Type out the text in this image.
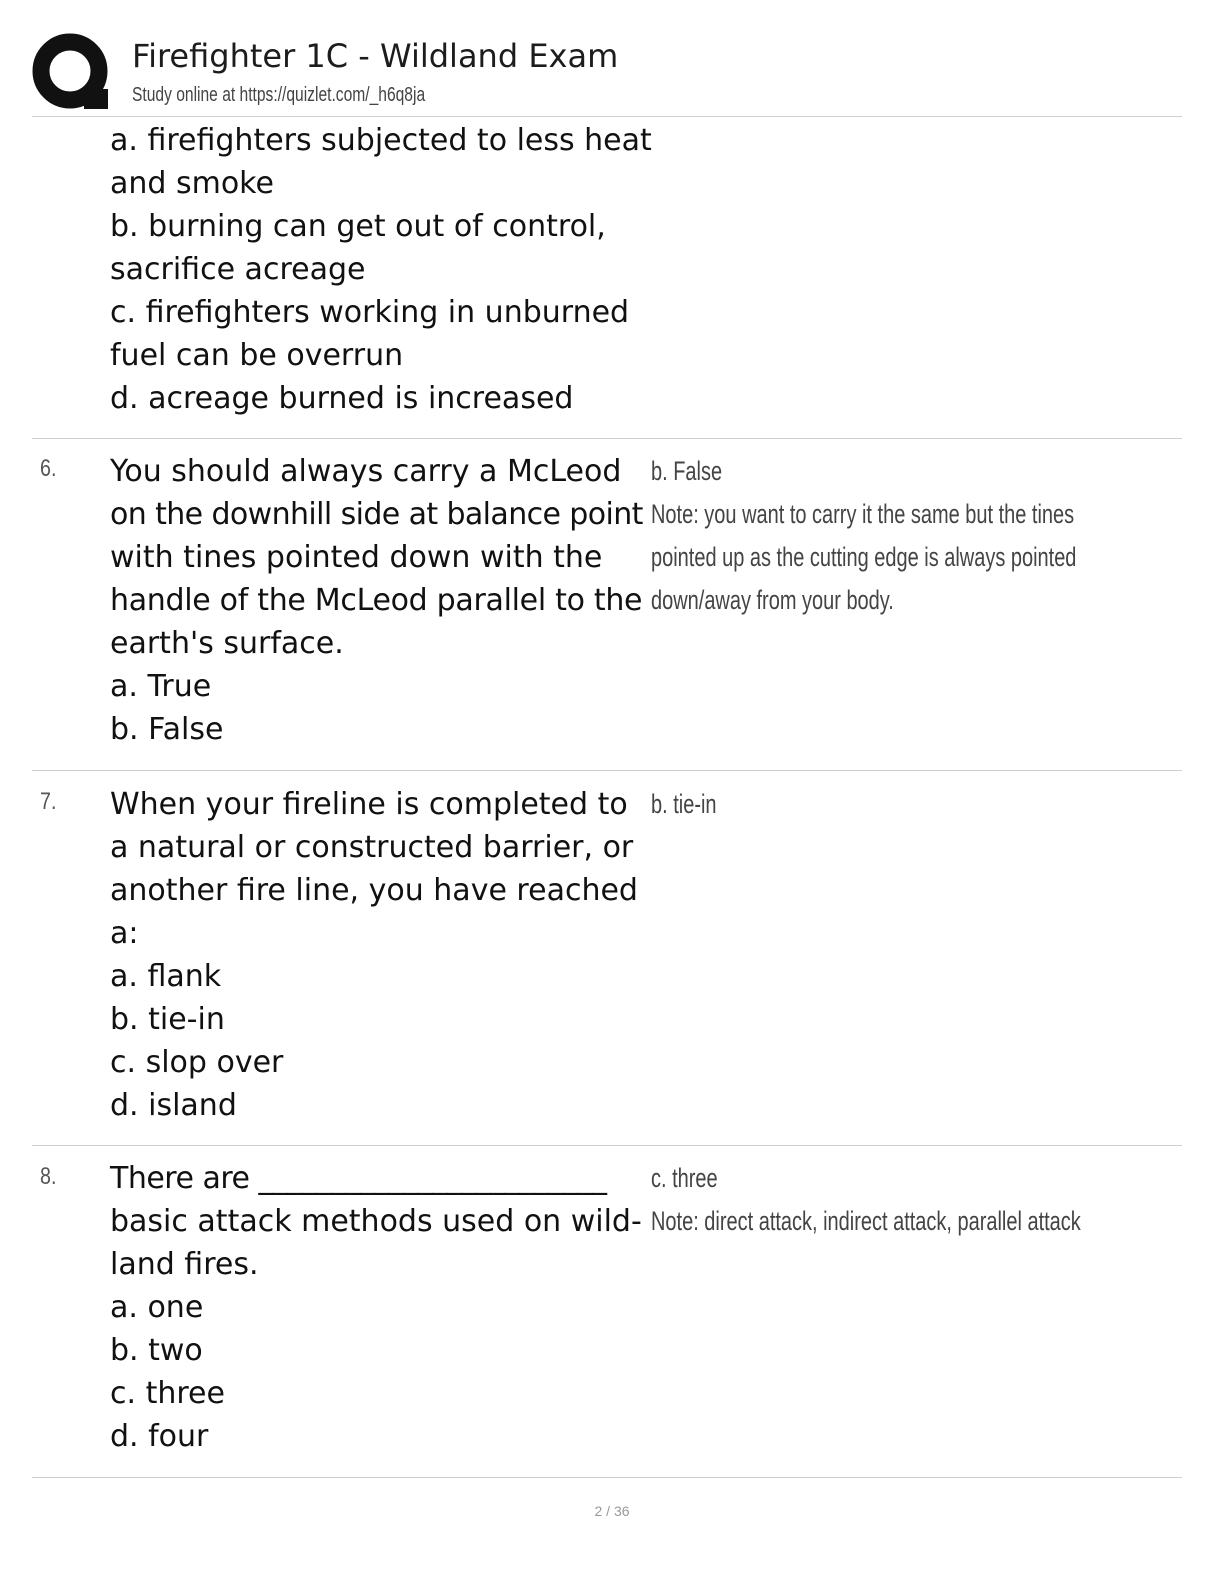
Firefighter 1C - Wildland Exam
Study online at https://quizlet.com/_h6q8ja
a. firefighters subjected to less heat
and smoke
b. burning can get out of control,
sacrifice acreage
c. firefighters working in unburned
fuel can be overrun
d. acreage burned is increased
6. You should always carry a McLeod
on the downhill side at balance point
with tines pointed down with the
handle of the McLeod parallel to the
earth's surface.
a. True
b. False
b. False
Note: you want to carry it the same but the tines
pointed up as the cutting edge is always pointed
down/away from your body.
7. When your fireline is completed to
a natural or constructed barrier, or
another fire line, you have reached
a:
a. flank
b. tie-in
c. slop over
d. island
b. tie-in
8. There are ________________________
basic attack methods used on wild-
land fires.
a. one
b. two
c. three
d. four
c. three
Note: direct attack, indirect attack, parallel attack
2 / 36
